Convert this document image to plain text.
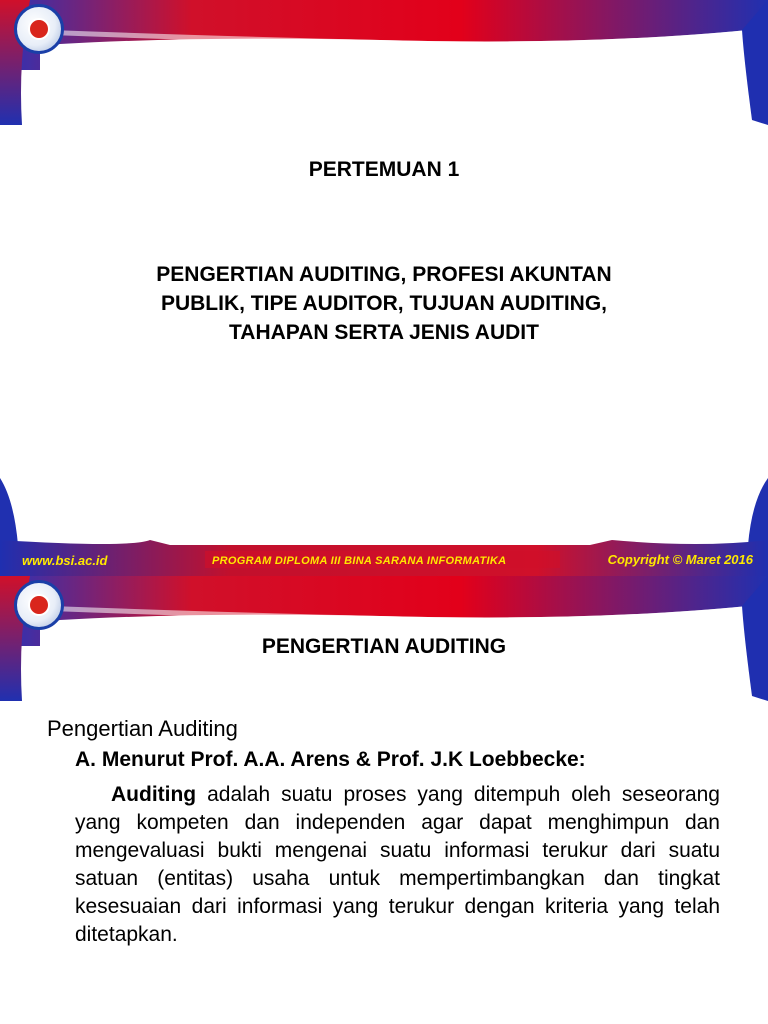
PERTEMUAN 1
PENGERTIAN AUDITING, PROFESI AKUNTAN
PUBLIK, TIPE AUDITOR, TUJUAN AUDITING,
TAHAPAN SERTA JENIS AUDIT
www.bsi.ac.id	PROGRAM DIPLOMA III BINA SARANA INFORMATIKA	Copyright © Maret 2016
PENGERTIAN AUDITING
Pengertian Auditing
A. Menurut Prof. A.A. Arens & Prof. J.K Loebbecke:
Auditing adalah suatu proses yang ditempuh oleh seseorang yang kompeten dan independen agar dapat menghimpun dan mengevaluasi bukti mengenai suatu informasi terukur dari suatu satuan (entitas) usaha untuk mempertimbangkan dan tingkat kesesuaian dari informasi yang terukur dengan kriteria yang telah ditetapkan.
